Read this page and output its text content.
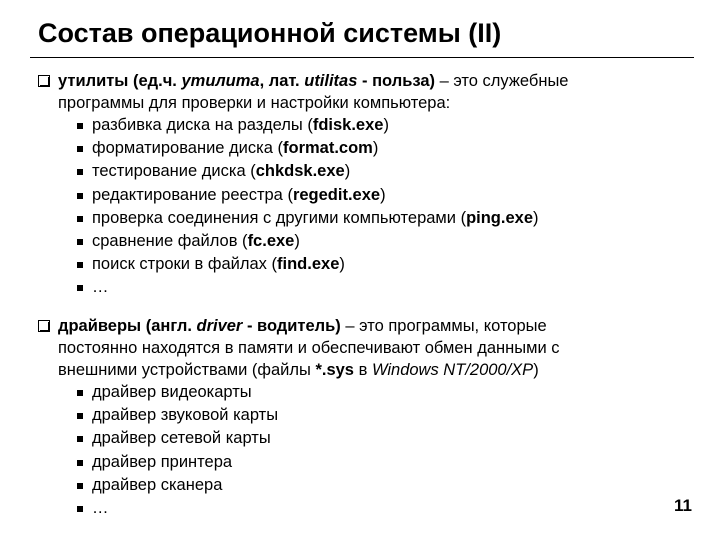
Состав операционной системы (II)
утилиты (ед.ч. утилита, лат. utilitas - польза) – это служебные
программы для проверки и настройки компьютера:
разбивка диска на разделы (fdisk.exe)
форматирование диска (format.com)
тестирование диска (chkdsk.exe)
редактирование реестра (regedit.exe)
проверка соединения с другими компьютерами (ping.exe)
сравнение файлов (fc.exe)
поиск строки в файлах (find.exe)
…
драйверы (англ. driver - водитель) – это программы, которые
постоянно находятся в памяти и обеспечивают обмен данными с
внешними устройствами (файлы *.sys в Windows NT/2000/XP)
драйвер видеокарты
драйвер звуковой карты
драйвер сетевой карты
драйвер принтера
драйвер сканера
…	11
